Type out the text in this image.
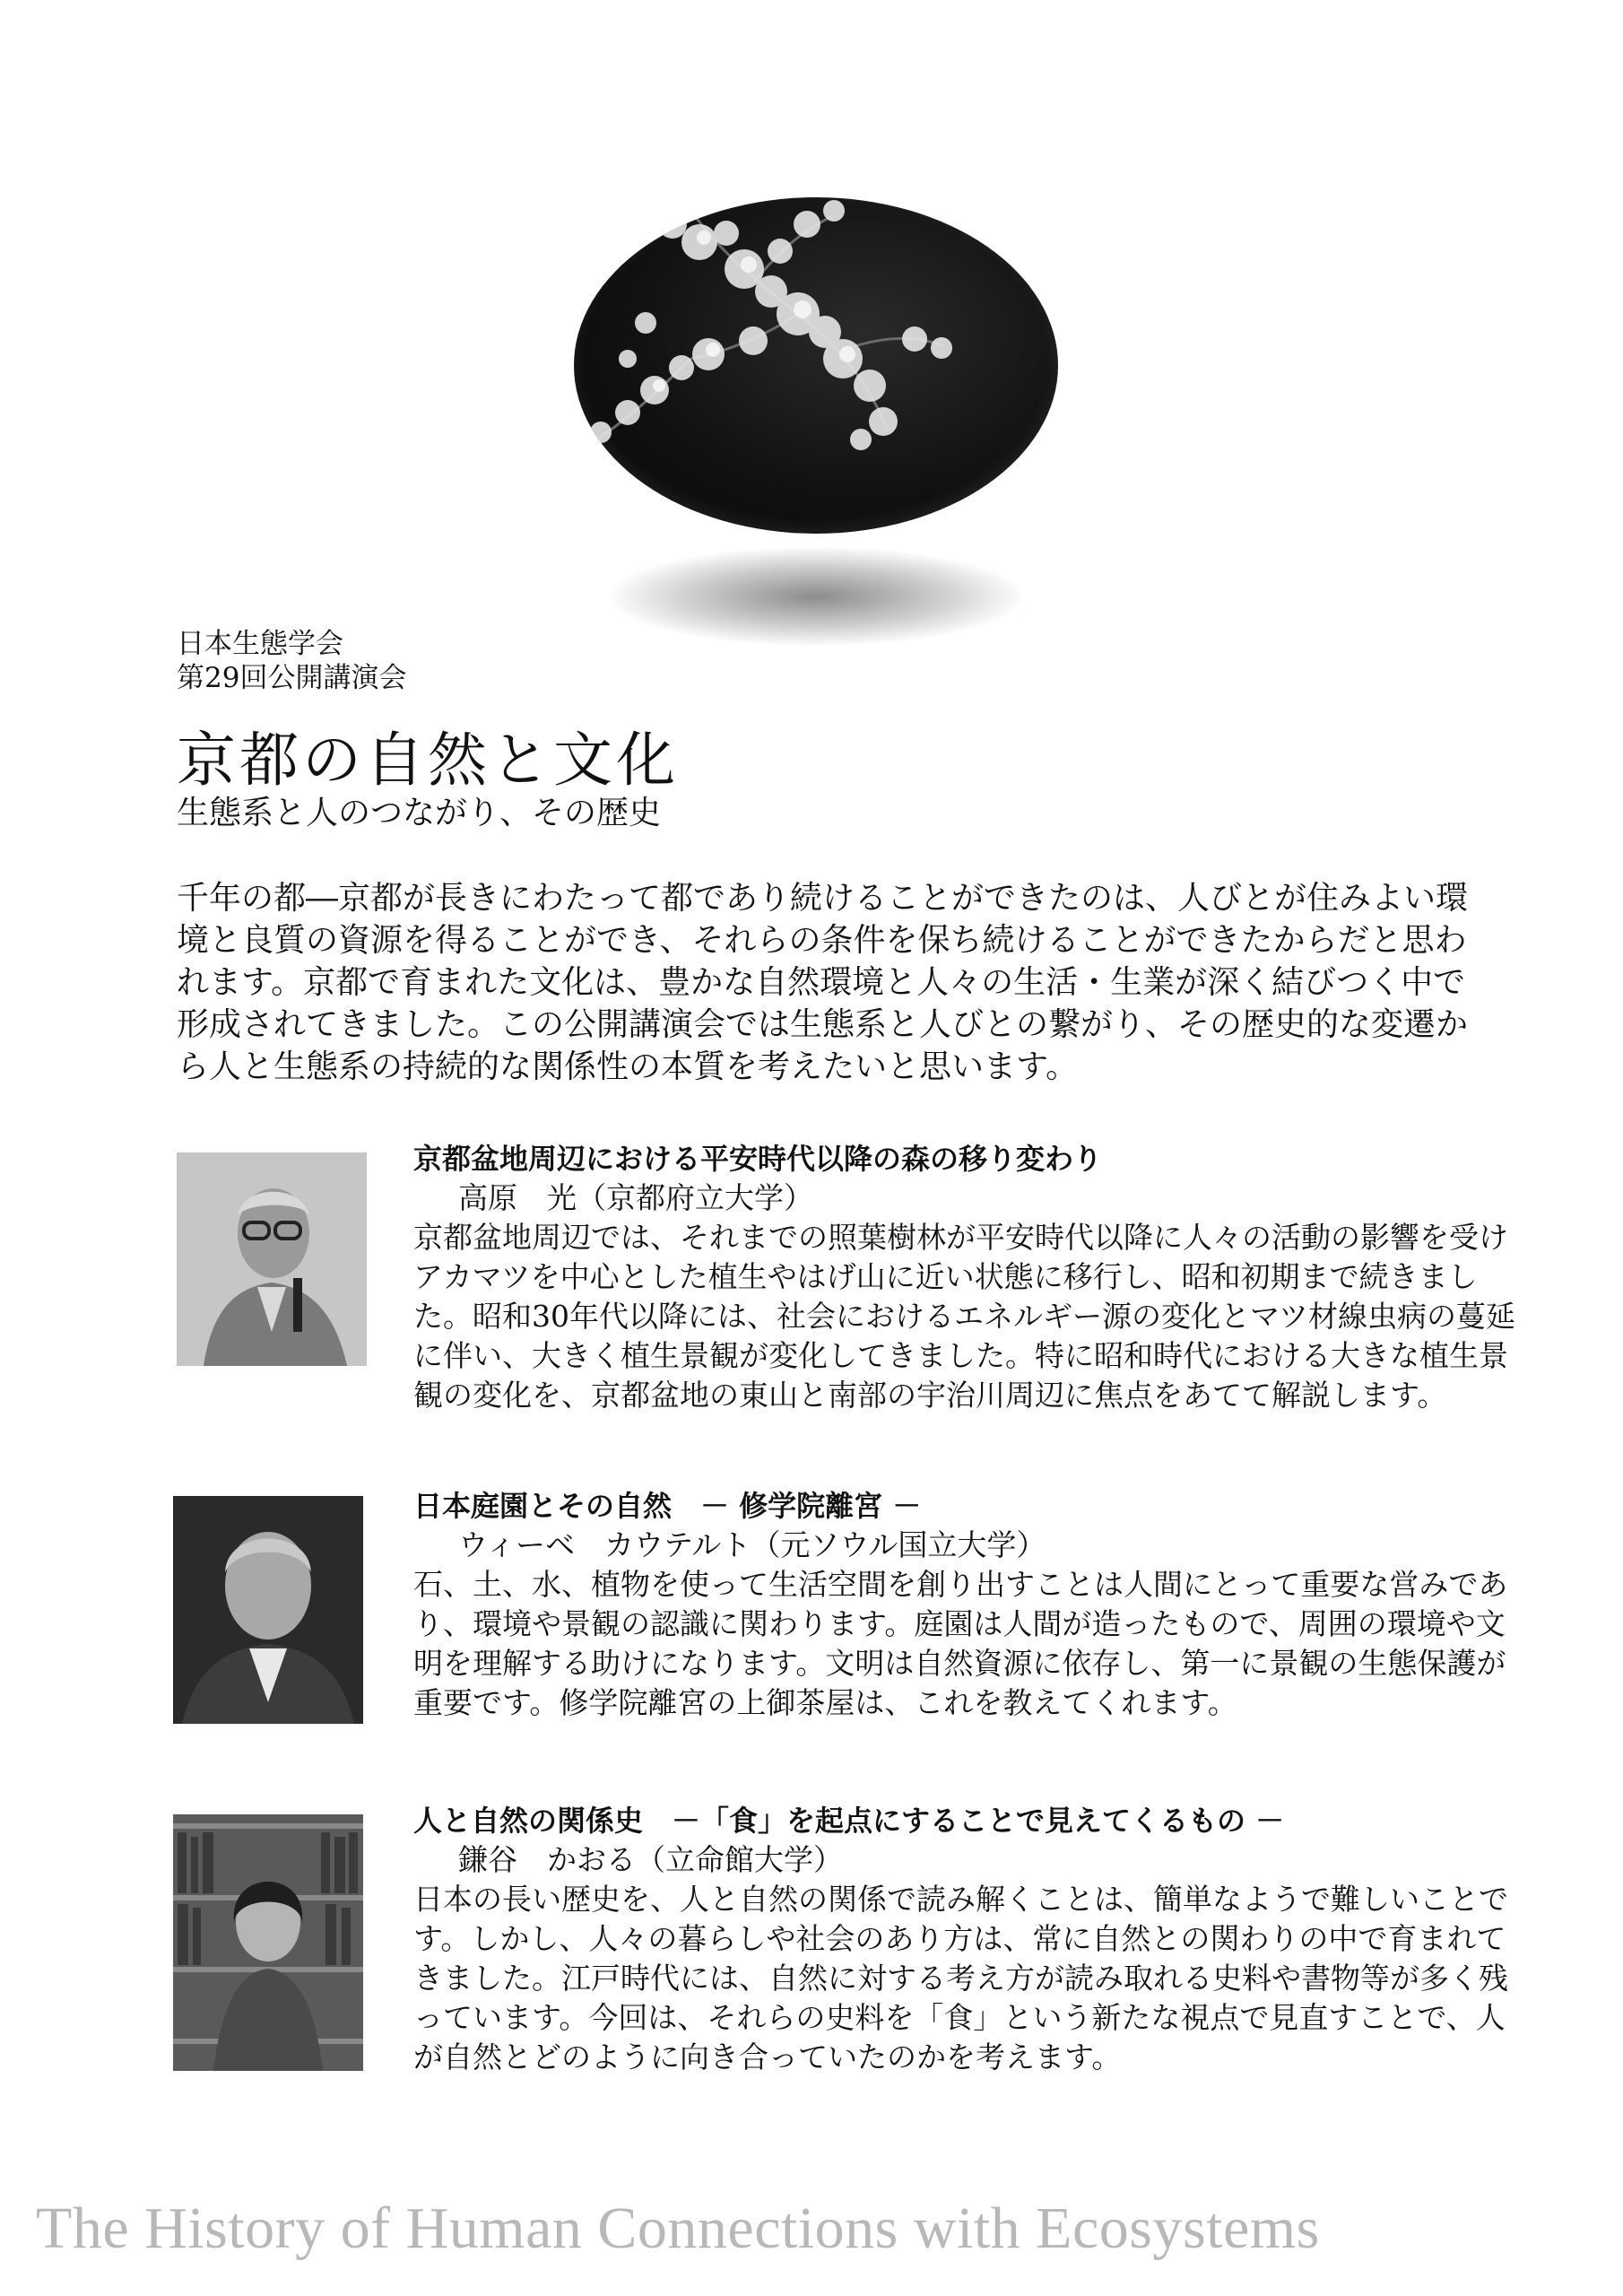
日本生態学会
第29回公開講演会
京都の自然と文化
生態系と人のつながり、その歴史

千年の都―京都が長きにわたって都であり続けることができたのは、人びとが住みよい環境と良質の資源を得ることができ、それらの条件を保ち続けることができたからだと思われます。京都で育まれた文化は、豊かな自然環境と人々の生活・生業が深く結びつく中で形成されてきました。この公開講演会では生態系と人びとの繋がり、その歴史的な変遷から人と生態系の持続的な関係性の本質を考えたいと思います。

京都盆地周辺における平安時代以降の森の移り変わり
高原　光（京都府立大学）

京都盆地周辺では、それまでの照葉樹林が平安時代以降に人々の活動の影響を受けアカマツを中心とした植生やはげ山に近い状態に移行し、昭和初期まで続きました。昭和30年代以降には、社会におけるエネルギー源の変化とマツ材線虫病の蔓延に伴い、大きく植生景観が変化してきました。特に昭和時代における大きな植生景観の変化を、京都盆地の東山と南部の宇治川周辺に焦点をあてて解説します。

日本庭園とその自然　－ 修学院離宮 －
ウィーベ　カウテルト（元ソウル国立大学）

石、土、水、植物を使って生活空間を創り出すことは人間にとって重要な営みであり、環境や景観の認識に関わります。庭園は人間が造ったもので、周囲の環境や文明を理解する助けになります。文明は自然資源に依存し、第一に景観の生態保護が重要です。修学院離宮の上御茶屋は、これを教えてくれます。

人と自然の関係史　－「食」を起点にすることで見えてくるもの －
鎌谷　かおる（立命館大学）

日本の長い歴史を、人と自然の関係で読み解くことは、簡単なようで難しいことです。しかし、人々の暮らしや社会のあり方は、常に自然との関わりの中で育まれてきました。江戸時代には、自然に対する考え方が読み取れる史料や書物等が多く残っています。今回は、それらの史料を「食」という新たな視点で見直すことで、人が自然とどのように向き合っていたのかを考えます。

The History of Human Connections with Ecosystems
